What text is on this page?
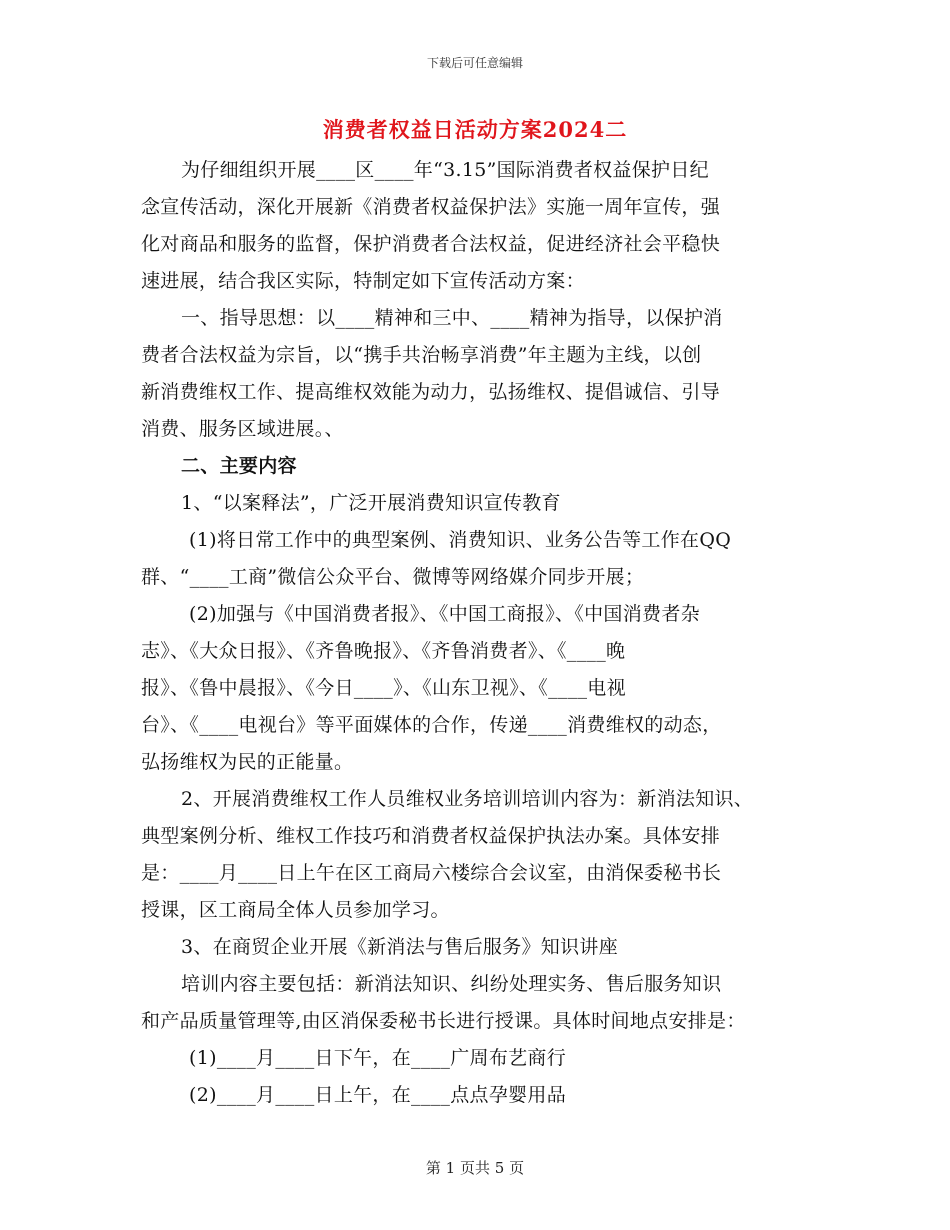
下载后可任意编辑
消费者权益日活动方案2024二

为仔细组织开展____区____年“3.15”国际消费者权益保护日纪

念宣传活动，深化开展新《消费者权益保护法》实施一周年宣传，强

化对商品和服务的监督，保护消费者合法权益，促进经济社会平稳快

速进展，结合我区实际，特制定如下宣传活动方案：

一、指导思想：以____精神和三中、____精神为指导，以保护消

费者合法权益为宗旨，以“携手共治畅享消费”年主题为主线，以创

新消费维权工作、提高维权效能为动力，弘扬维权、提倡诚信、引导

消费、服务区域进展。、

二、主要内容

1、“以案释法”，广泛开展消费知识宣传教育

(1)将日常工作中的典型案例、消费知识、业务公告等工作在QQ

群、“____工商”微信公众平台、微博等网络媒介同步开展；

(2)加强与《中国消费者报》、《中国工商报》、《中国消费者杂

志》、《大众日报》、《齐鲁晚报》、《齐鲁消费者》、《____晚

报》、《鲁中晨报》、《今日____》、《山东卫视》、《____电视

台》、《____电视台》等平面媒体的合作，传递____消费维权的动态，

弘扬维权为民的正能量。

2、开展消费维权工作人员维权业务培训培训内容为：新消法知识、

典型案例分析、维权工作技巧和消费者权益保护执法办案。具体安排

是：____月____日上午在区工商局六楼综合会议室，由消保委秘书长

授课，区工商局全体人员参加学习。

3、在商贸企业开展《新消法与售后服务》知识讲座

培训内容主要包括：新消法知识、纠纷处理实务、售后服务知识

和产品质量管理等,由区消保委秘书长进行授课。具体时间地点安排是：

(1)____月____日下午，在____广周布艺商行

(2)____月____日上午，在____点点孕婴用品

第 1 页共 5 页
